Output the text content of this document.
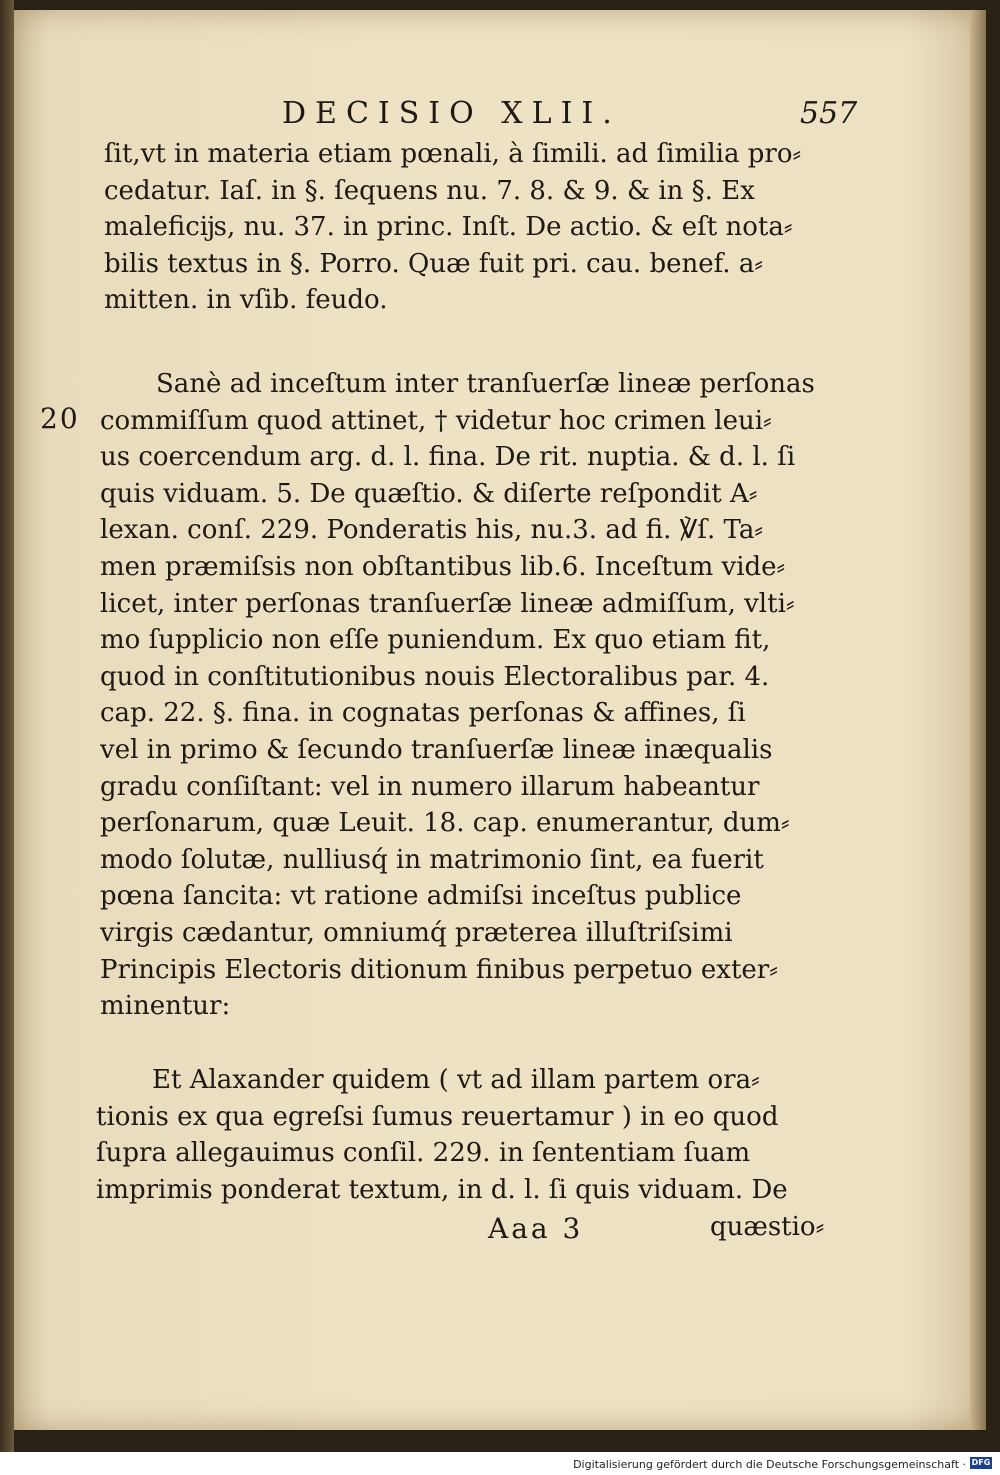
DECISIO XLII.	557
20
ſit,vt in materia etiam pœnali, à ſimili. ad ſimilia pro⸗
cedatur. Iaſ. in §. ſequens nu. 7. 8. & 9. & in §. Ex
maleficĳs, nu. 37. in princ. Inſt. De actio. & eſt nota⸗
bilis textus in §. Porro. Quæ fuit pri. cau. benef. a⸗
mitten. in vſib. feudo.
Sanè ad inceſtum inter tranſuerſæ lineæ perſonas
commiſſum quod attinet, † videtur hoc crimen leui⸗
us coercendum arg. d. l. fina. De rit. nuptia. & d. l. ſi
quis viduam. 5. De quæſtio. & diſerte reſpondit A⸗
lexan. conſ. 229. Ponderatis his, nu.3. ad fi. ℣ſ. Ta⸗
men præmiſsis non obſtantibus lib.6. Inceſtum vide⸗
licet, inter perſonas tranſuerſæ lineæ admiſſum, vlti⸗
mo ſupplicio non eſſe puniendum. Ex quo etiam fit,
quod in conſtitutionibus nouis Electoralibus par. 4.
cap. 22. §. fina. in cognatas perſonas & affines, ſi
vel in primo & ſecundo tranſuerſæ lineæ inæqualis
gradu conſiſtant: vel in numero illarum habeantur
perſonarum, quæ Leuit. 18. cap. enumerantur, dum⸗
modo ſolutæ, nulliusq́ in matrimonio ſint, ea fuerit
pœna ſancita: vt ratione admiſsi inceſtus publice
virgis cædantur, omniumq́ præterea illuſtriſsimi
Principis Electoris ditionum finibus perpetuo exter⸗
minentur:
Et Alaxander quidem ( vt ad illam partem ora⸗
tionis ex qua egreſsi ſumus reuertamur ) in eo quod
ſupra allegauimus conſil. 229. in ſententiam ſuam
imprimis ponderat textum, in d. l. ſi quis viduam. De
Aaa 3	quæstio⸗
Digitalisierung gefördert durch die Deutsche Forschungsgemeinschaft · DFG
